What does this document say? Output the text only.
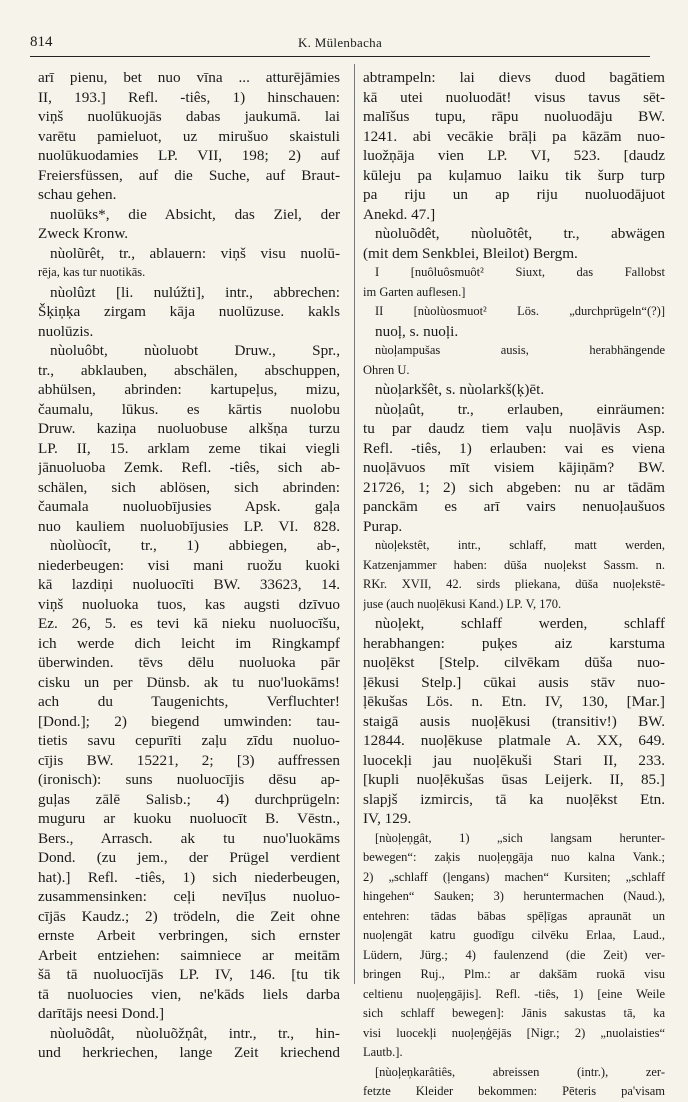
814	K. Mülenbacha
arī pienu, bet nuo vīna ... atturējāmies
II, 193.] Refl. -tiês, 1) hinschauen:
viņš nuolūkuojās dabas jaukumā. lai
varētu pamieluot, uz mirušuo skaistuli
nuolūkuodamies LP. VII, 198; 2) auf
Freiersfüssen, auf die Suche, auf Braut-
schau gehen.
nuolūks*, die Absicht, das Ziel, der
Zweck Kronw.
nùolũrêt, tr., ablauern: viņš visu nuolū-
rēja, kas tur nuotikās.
nùolûzt [li. nulúžti], intr., abbrechen:
Šķiņķa zirgam kāja nuolūzuse. kakls
nuolūzis.
nùoluôbt, nùoluobt Druw., Spr.,
tr., abklauben, abschälen, abschuppen,
abhülsen, abrinden: kartupeļus, mizu,
čaumalu, lūkus. es kārtis nuolobu
Druw. kaziņa nuoluobuse alkšņa turzu
LP. II, 15. arklam zeme tikai viegli
jānuoluoba Zemk. Refl. -tiês, sich ab-
schälen, sich ablösen, sich abrinden:
čaumala nuoluobījusies Apsk. gaļa
nuo kauliem nuoluobījusies LP. VI. 828.
nùolùocît, tr., 1) abbiegen, ab-,
niederbeugen: visi mani ruožu kuoki
kā lazdiņi nuoluocīti BW. 33623, 14.
viņš nuoluoka tuos, kas augsti dzīvuo
Ez. 26, 5. es tevi kā nieku nuoluocīšu,
ich werde dich leicht im Ringkampf
überwinden. tēvs dēlu nuoluoka pār
cisku un per Dünsb. ak tu nuo'luokāms!
ach du Taugenichts, Verfluchter!
[Dond.]; 2) biegend umwinden: tau-
tietis savu cepurīti zaļu zīdu nuoluo-
cījis BW. 15221, 2; [3) auffressen
(ironisch): suns nuoluocījis dēsu ap-
guļas zālē Salisb.; 4) durchprügeln:
muguru ar kuoku nuoluocīt B. Vēstn.,
Bers., Arrasch. ak tu nuo'luokāms
Dond. (zu jem., der Prügel verdient
hat).] Refl. -tiês, 1) sich niederbeugen,
zusammensinken: ceļi nevīļus nuoluo-
cījās Kaudz.; 2) trödeln, die Zeit ohne
ernste Arbeit verbringen, sich ernster
Arbeit entziehen: saimniece ar meitām
šā tā nuoluocījās LP. IV, 146. [tu tik
tā nuoluocies vien, ne'kāds liels darba
darītājs neesi Dond.]
nùoluõdât, nùoluõžņât, intr., tr., hin-
und herkriechen, lange Zeit kriechend
abtrampeln: lai dievs duod bagātiem
kā utei nuoluodāt! visus tavus sēt-
malīšus tupu, rāpu nuoluodāju BW.
1241. abi vecākie brāļi pa kāzām nuo-
luožņāja vien LP. VI, 523. [daudz
kūleju pa kuļamuo laiku tik šurp turp
pa riju un ap riju nuoluodājuot
Anekd. 47.]
nùoluõdêt, nùoluõtêt, tr., abwägen
(mit dem Senkblei, Bleilot) Bergm.
I [nuôluôsmuôt² Siuxt, das Fallobst
im Garten auflesen.]
II [nùolùosmuot² Lös. „durchprügeln“(?)]
nuoļ, s. nuoļi.
nùoļampušas ausis, herabhängende
Ohren U.
nùoļarkšêt, s. nùolarkš(ķ)ēt.
nùoļaût, tr., erlauben, einräumen:
tu par daudz tiem vaļu nuoļāvis Asp.
Refl. -tiês, 1) erlauben: vai es viena
nuoļāvuos mīt visiem kājiņām? BW.
21726, 1; 2) sich abgeben: nu ar tādām
panckām es arī vairs nenuoļaušuos
Purap.
nùoļekstêt, intr., schlaff, matt werden,
Katzenjammer haben: dūša nuoļekst Sassm. n.
RKr. XVII, 42. sirds pliekana, dūša nuoļekstē-
juse (auch nuoļēkusi Kand.) LP. V, 170.
nùoļekt, schlaff werden, schlaff
herabhangen: puķes aiz karstuma
nuoļēkst [Stelp. cilvēkam dūša nuo-
ļēkusi Stelp.] cūkai ausis stāv nuo-
ļēkušas Lös. n. Etn. IV, 130, [Mar.]
staigā ausis nuoļēkusi (transitiv!) BW.
12844. nuoļēkuse platmale A. XX, 649.
luocekļi jau nuoļēkuši Stari II, 233.
[kupli nuoļēkušas ūsas Leijerk. II, 85.]
slapjš izmircis, tā ka nuoļēkst Etn.
IV, 129.
[nùoļeņgât, 1) „sich langsam herunter-
bewegen“: zaķis nuoļeņgāja nuo kalna Vank.;
2) „schlaff (ļengans) machen“ Kursiten; „schlaff
hingehen“ Sauken; 3) heruntermachen (Naud.),
entehren: tādas bābas spēļīgas apraunāt un
nuoļengāt katru guodīgu cilvēku Erlaa, Laud.,
Lüdern, Jürg.; 4) faulenzend (die Zeit) ver-
bringen Ruj., Plm.: ar dakšām ruokā visu
celtienu nuoļeņgājis]. Refl. -tiês, 1) [eine Weile
sich schlaff bewegen]: Jānis sakustas tā, ka
visi luocekļi nuoļeņģējās [Nigr.; 2) „nuolaisties“
Lautb.].
[nùoļeņkarâtiês, abreissen (intr.), zer-
fetzte Kleider bekommen: Pēteris pa'visam
